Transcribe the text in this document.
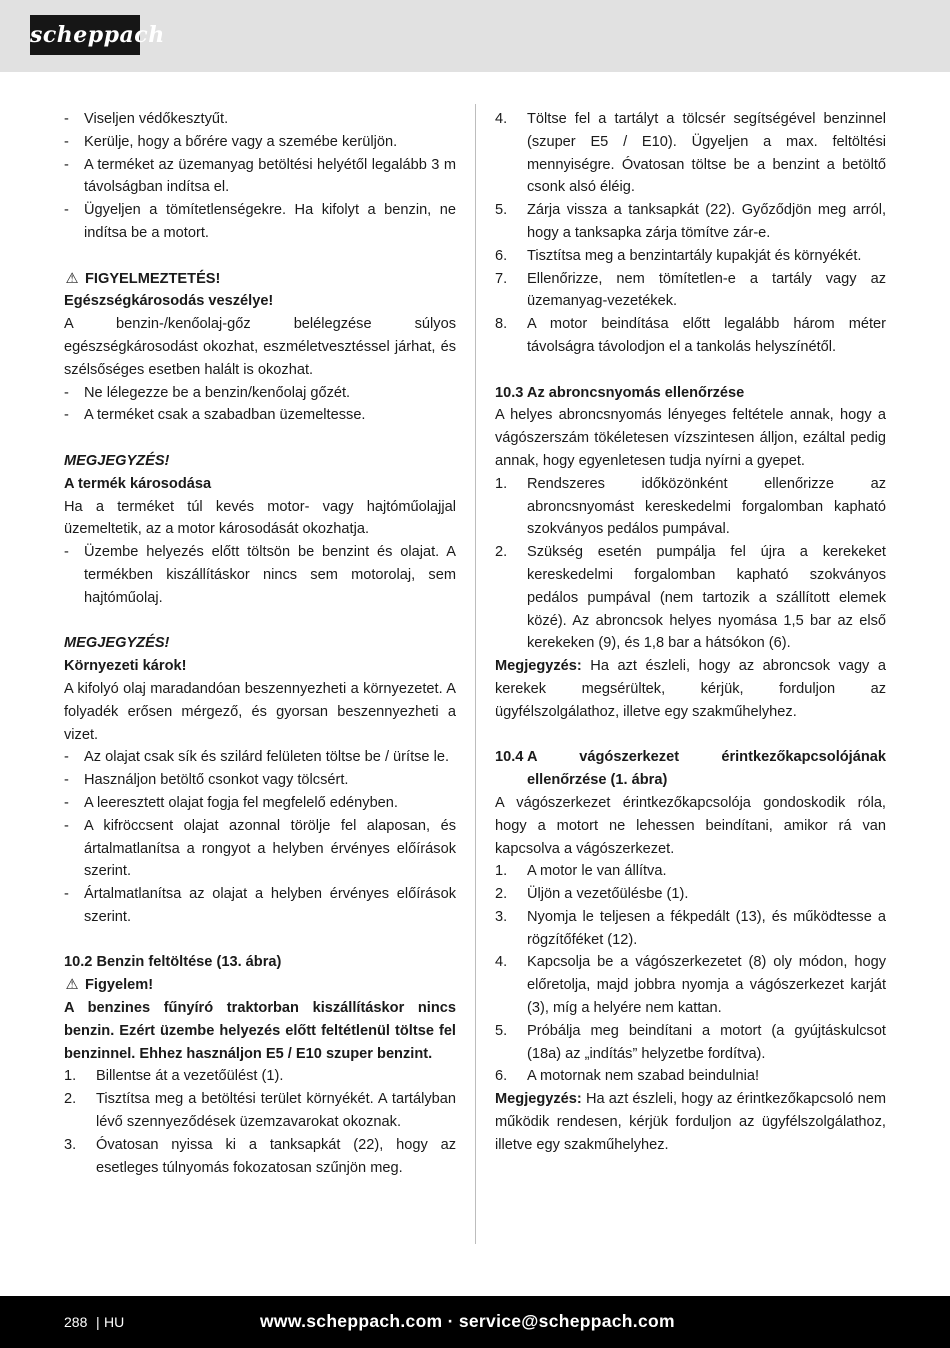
scheppach
- Viseljen védőkesztyűt.
- Kerülje, hogy a bőrére vagy a szemébe kerüljön.
- A terméket az üzemanyag betöltési helyétől legalább 3 m távolságban indítsa el.
- Ügyeljen a tömítetlenségekre. Ha kifolyt a benzin, ne indítsa be a motort.
⚠ FIGYELMEZTETÉS!
Egészségkárosodás veszélye!

A benzin-/kenőolaj-gőz belélegzése súlyos egészségkárosodást okozhat, eszméletvesztéssel járhat, és szélsőséges esetben halált is okozhat.

- Ne lélegezze be a benzin/kenőolaj gőzét.
- A terméket csak a szabadban üzemeltesse.
MEGJEGYZÉS!
A termék károsodása

Ha a terméket túl kevés motor- vagy hajtóműolajjal üzemeltetik, az a motor károsodását okozhatja.

- Üzembe helyezés előtt töltsön be benzint és olajat. A termékben kiszállításkor nincs sem motorolaj, sem hajtóműolaj.
MEGJEGYZÉS!
Környezeti károk!

A kifolyó olaj maradandóan beszennyezheti a környezetet. A folyadék erősen mérgező, és gyorsan beszennyezheti a vizet.

- Az olajat csak sík és szilárd felületen töltse be / ürítse le.
- Használjon betöltő csonkot vagy tölcsért.
- A leeresztett olajat fogja fel megfelelő edényben.
- A kifröccsent olajat azonnal törölje fel alaposan, és ártalmatlanítsa a rongyot a helyben érvényes előírások szerint.
- Ártalmatlanítsa az olajat a helyben érvényes előírások szerint.
10.2 Benzin feltöltése (13. ábra)
⚠ Figyelem!

A benzines fűnyíró traktorban kiszállításkor nincs benzin. Ezért üzembe helyezés előtt feltétlenül töltse fel benzinnel. Ehhez használjon E5 / E10 szuper benzint.

1. Billentse át a vezetőülést (1).
2. Tisztítsa meg a betöltési terület környékét. A tartályban lévő szennyeződések üzemzavarokat okoznak.
3. Óvatosan nyissa ki a tanksapkát (22), hogy az esetleges túlnyomás fokozatosan szűnjön meg.
4. Töltse fel a tartályt a tölcsér segítségével benzinnel (szuper E5 / E10). Ügyeljen a max. feltöltési mennyiségre. Óvatosan töltse be a benzint a betöltő csonk alsó éléig.
5. Zárja vissza a tanksapkát (22). Győződjön meg arról, hogy a tanksapka zárja tömítve zár-e.
6. Tisztítsa meg a benzintartály kupakját és környékét.
7. Ellenőrizze, nem tömítetlen-e a tartály vagy az üzemanyag-vezetékek.
8. A motor beindítása előtt legalább három méter távolságra távolodjon el a tankolás helyszínétől.
10.3 Az abroncsnyomás ellenőrzése

A helyes abroncsnyomás lényeges feltétele annak, hogy a vágószerszám tökéletesen vízszintesen álljon, ezáltal pedig annak, hogy egyenletesen tudja nyírni a gyepet.

1. Rendszeres időközönként ellenőrizze az abroncsnyomást kereskedelmi forgalomban kapható szokványos pedálos pumpával.
2. Szükség esetén pumpálja fel újra a kerekeket kereskedelmi forgalomban kapható szokványos pedálos pumpával (nem tartozik a szállított elemek közé). Az abroncsok helyes nyomása 1,5 bar az első kerekeken (9), és 1,8 bar a hátsókon (6).

Megjegyzés: Ha azt észleli, hogy az abroncsok vagy a kerekek megsérültek, kérjük, forduljon az ügyfélszolgálathoz, illetve egy szakműhelyhez.

10.4 A vágószerkezet érintkezőkapcsolójának ellenőrzése (1. ábra)

A vágószerkezet érintkezőkapcsolója gondoskodik róla, hogy a motort ne lehessen beindítani, amikor rá van kapcsolva a vágószerkezet.

1. A motor le van állítva.
2. Üljön a vezetőülésbe (1).
3. Nyomja le teljesen a fékpedált (13), és működtesse a rögzítőféket (12).
4. Kapcsolja be a vágószerkezetet (8) oly módon, hogy előretolja, majd jobbra nyomja a vágószerkezet karját (3), míg a helyére nem kattan.
5. Próbálja meg beindítani a motort (a gyújtáskulcsot (18a) az „indítás” helyzetbe fordítva).
6. A motornak nem szabad beindulnia!

Megjegyzés: Ha azt észleli, hogy az érintkezőkapcsoló nem működik rendesen, kérjük forduljon az ügyfélszolgálathoz, illetve egy szakműhelyhez.

288 | HU	www.scheppach.com · service@scheppach.com
